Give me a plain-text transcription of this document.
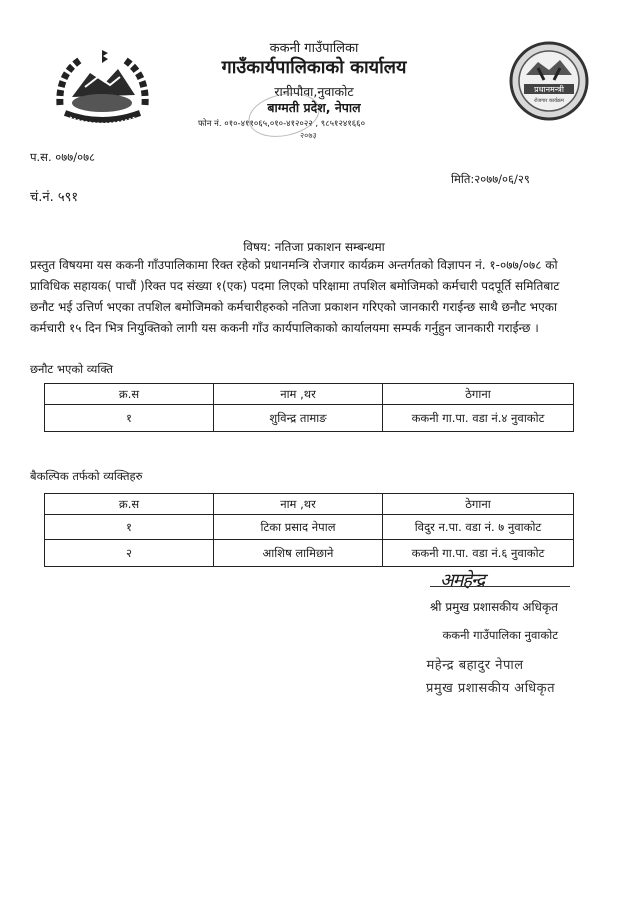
प्रधानमन्त्री
रोजगार कार्यक्रम
ककनी गाउँपालिका
गाउँकार्यपालिकाको कार्यालय
रानीपौवा,नुवाकोट
बाग्मती प्रदेश, नेपाल
फोन नं. ०१०-४११०६५,०१०-४१२०२२ , ९८५१२४१६६०
२०७३
प.स. ०७७/०७८
मिति:२०७७/०६/२९
चं.नं. ५९१
विषय: नतिजा प्रकाशन सम्बन्धमा

प्रस्तुत विषयमा यस ककनी गाँउपालिकामा रिक्त रहेको प्रधानमन्त्रि रोजगार कार्यक्रम अन्तर्गतको विज्ञापन नं. १-०७७/०७८ को

प्राविधिक सहायक( पाचौं )रिक्त पद संख्या १(एक) पदमा लिएको परिक्षामा तपशिल बमोजिमको कर्मचारी पदपूर्ति समितिबाट

छनौट भई उत्तिर्ण भएका तपशिल बमोजिमको कर्मचारीहरुको नतिजा प्रकाशन गरिएको जानकारी गराईन्छ साथै छनौट भएका

कर्मचारी १५ दिन भित्र नियुक्तिको लागी यस ककनी गाँउ कार्यपालिकाको कार्यालयमा सम्पर्क गर्नुहुन जानकारी गराईन्छ ।

छनौट भएको व्यक्ति
क्र.स	नाम ,थर	ठेगाना
१	शुविन्द्र तामाङ	ककनी गा.पा. वडा नं.४ नुवाकोट
बैकल्पिक तर्फको व्यक्तिहरु
क्र.स	नाम ,थर	ठेगाना
१	टिका प्रसाद नेपाल	विदुर न.पा. वडा नं. ७ नुवाकोट
२	आशिष लामिछाने	ककनी गा.पा. वडा नं.६ नुवाकोट
अमहेन्द्र
श्री प्रमुख प्रशासकीय अधिकृत
ककनी गाउँपालिका नुवाकोट
महेन्द्र बहादुर नेपाल
प्रमुख प्रशासकीय अधिकृत
